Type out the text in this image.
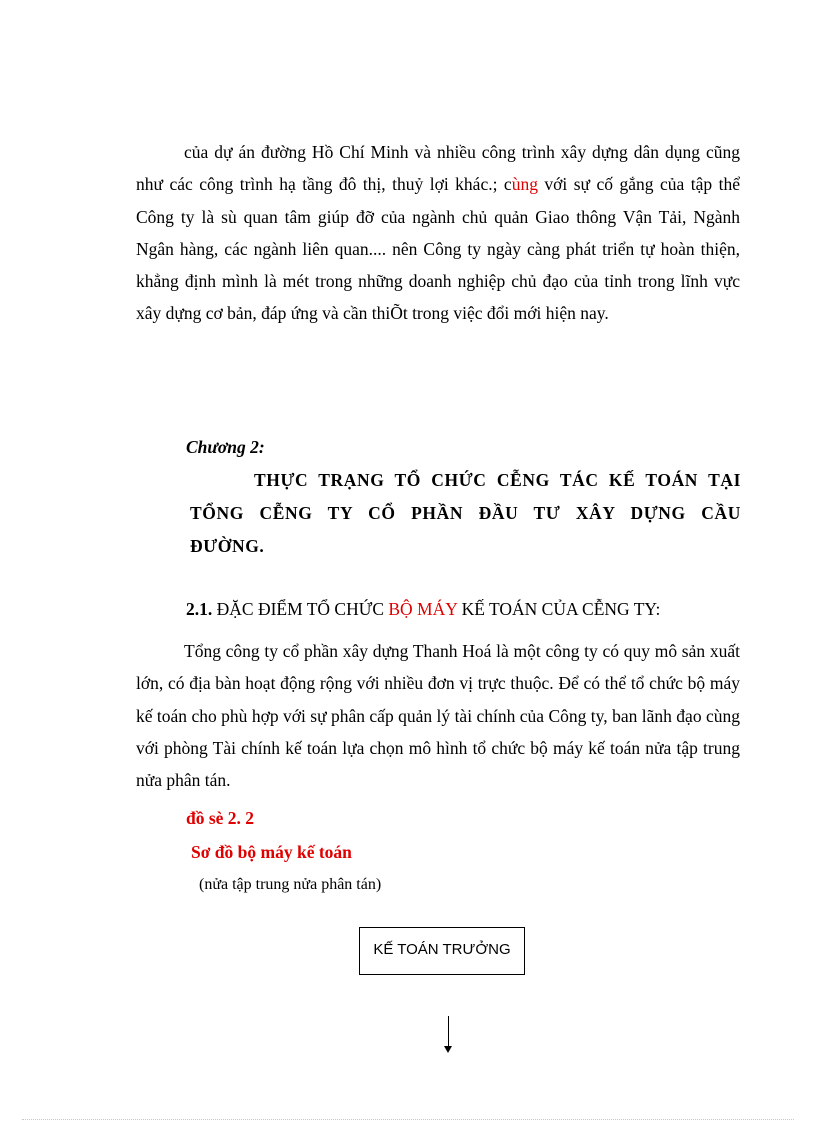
của dự án đường Hồ Chí Minh và nhiều công trình xây dựng dân dụng cũng như các công trình hạ tầng đô thị, thuỷ lợi khác.; cùng với sự cố gắng của tập thể Công ty là sù quan tâm giúp đỡ của ngành chủ quản Giao thông Vận Tải, Ngành Ngân hàng, các ngành liên quan.... nên Công ty ngày càng phát triển tự hoàn thiện, khẳng định mình là mét trong những doanh nghiệp chủ đạo của tỉnh trong lĩnh vực xây dựng cơ bản, đáp ứng và cần thiÕt trong việc đổi mới hiện nay.

Chương 2:

THỰC TRẠNG TỔ CHỨC CỄNG TÁC KẾ TOÁN TẠI TỔNG CỄNG TY CỔ PHẦN ĐẦU TƯ XÂY DỰNG CẦU ĐƯỜNG.

2.1. ĐẶC ĐIỂM TỔ CHỨC BỘ MÁY KẾ TOÁN CỦA CỄNG TY:

Tổng công ty cổ phần xây dựng Thanh Hoá là một công ty có quy mô sản xuất lớn, có địa bàn hoạt động rộng với nhiều đơn vị trực thuộc. Để có thể tổ chức bộ máy kế toán cho phù hợp với sự phân cấp quản lý tài chính của Công ty, ban lãnh đạo cùng với phòng Tài chính kế toán lựa chọn mô hình tổ chức bộ máy kế toán nửa tập trung nửa phân tán.

đồ sè 2. 2
Sơ đồ bộ máy kế toán
(nửa tập trung nửa phân tán)
KẾ TOÁN TRƯỞNG
